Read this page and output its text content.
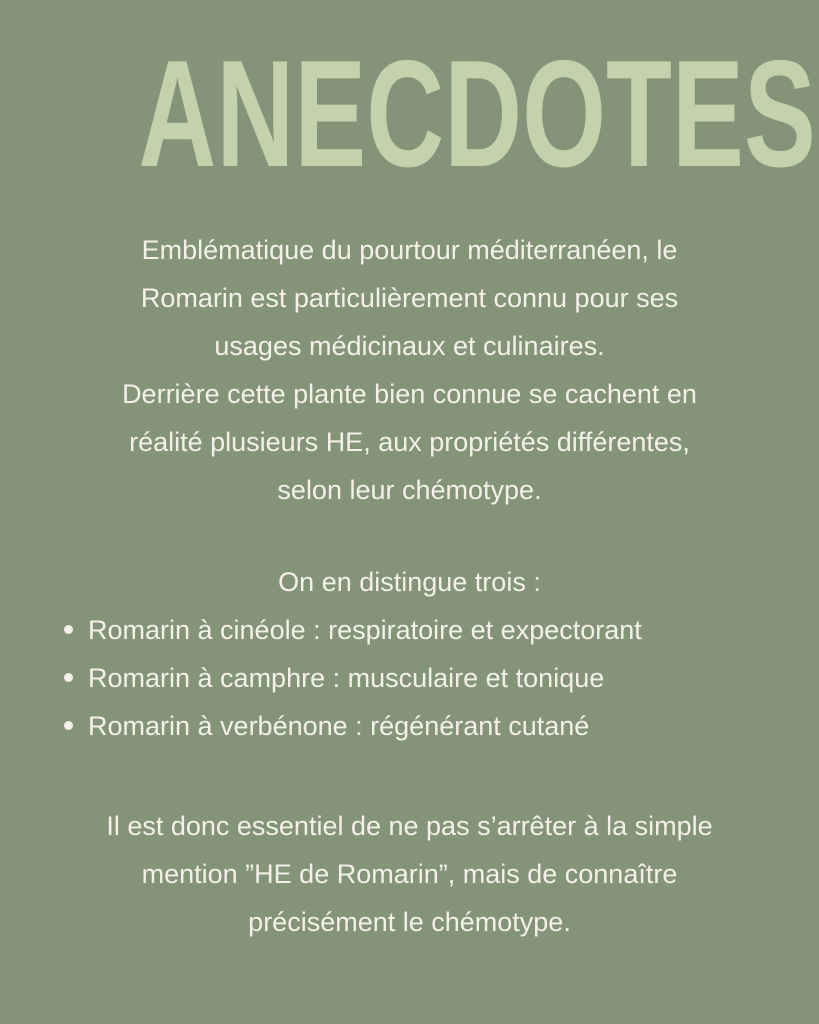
ANECDOTES
Emblématique du pourtour méditerranéen, le
Romarin est particulièrement connu pour ses
usages médicinaux et culinaires.
Derrière cette plante bien connue se cachent en
réalité plusieurs HE, aux propriétés différentes,
selon leur chémotype.
On en distingue trois :
Romarin à cinéole : respiratoire et expectorant
Romarin à camphre : musculaire et tonique
Romarin à verbénone : régénérant cutané
Il est donc essentiel de ne pas s’arrêter à la simple
mention ”HE de Romarin”, mais de connaître
précisément le chémotype.
